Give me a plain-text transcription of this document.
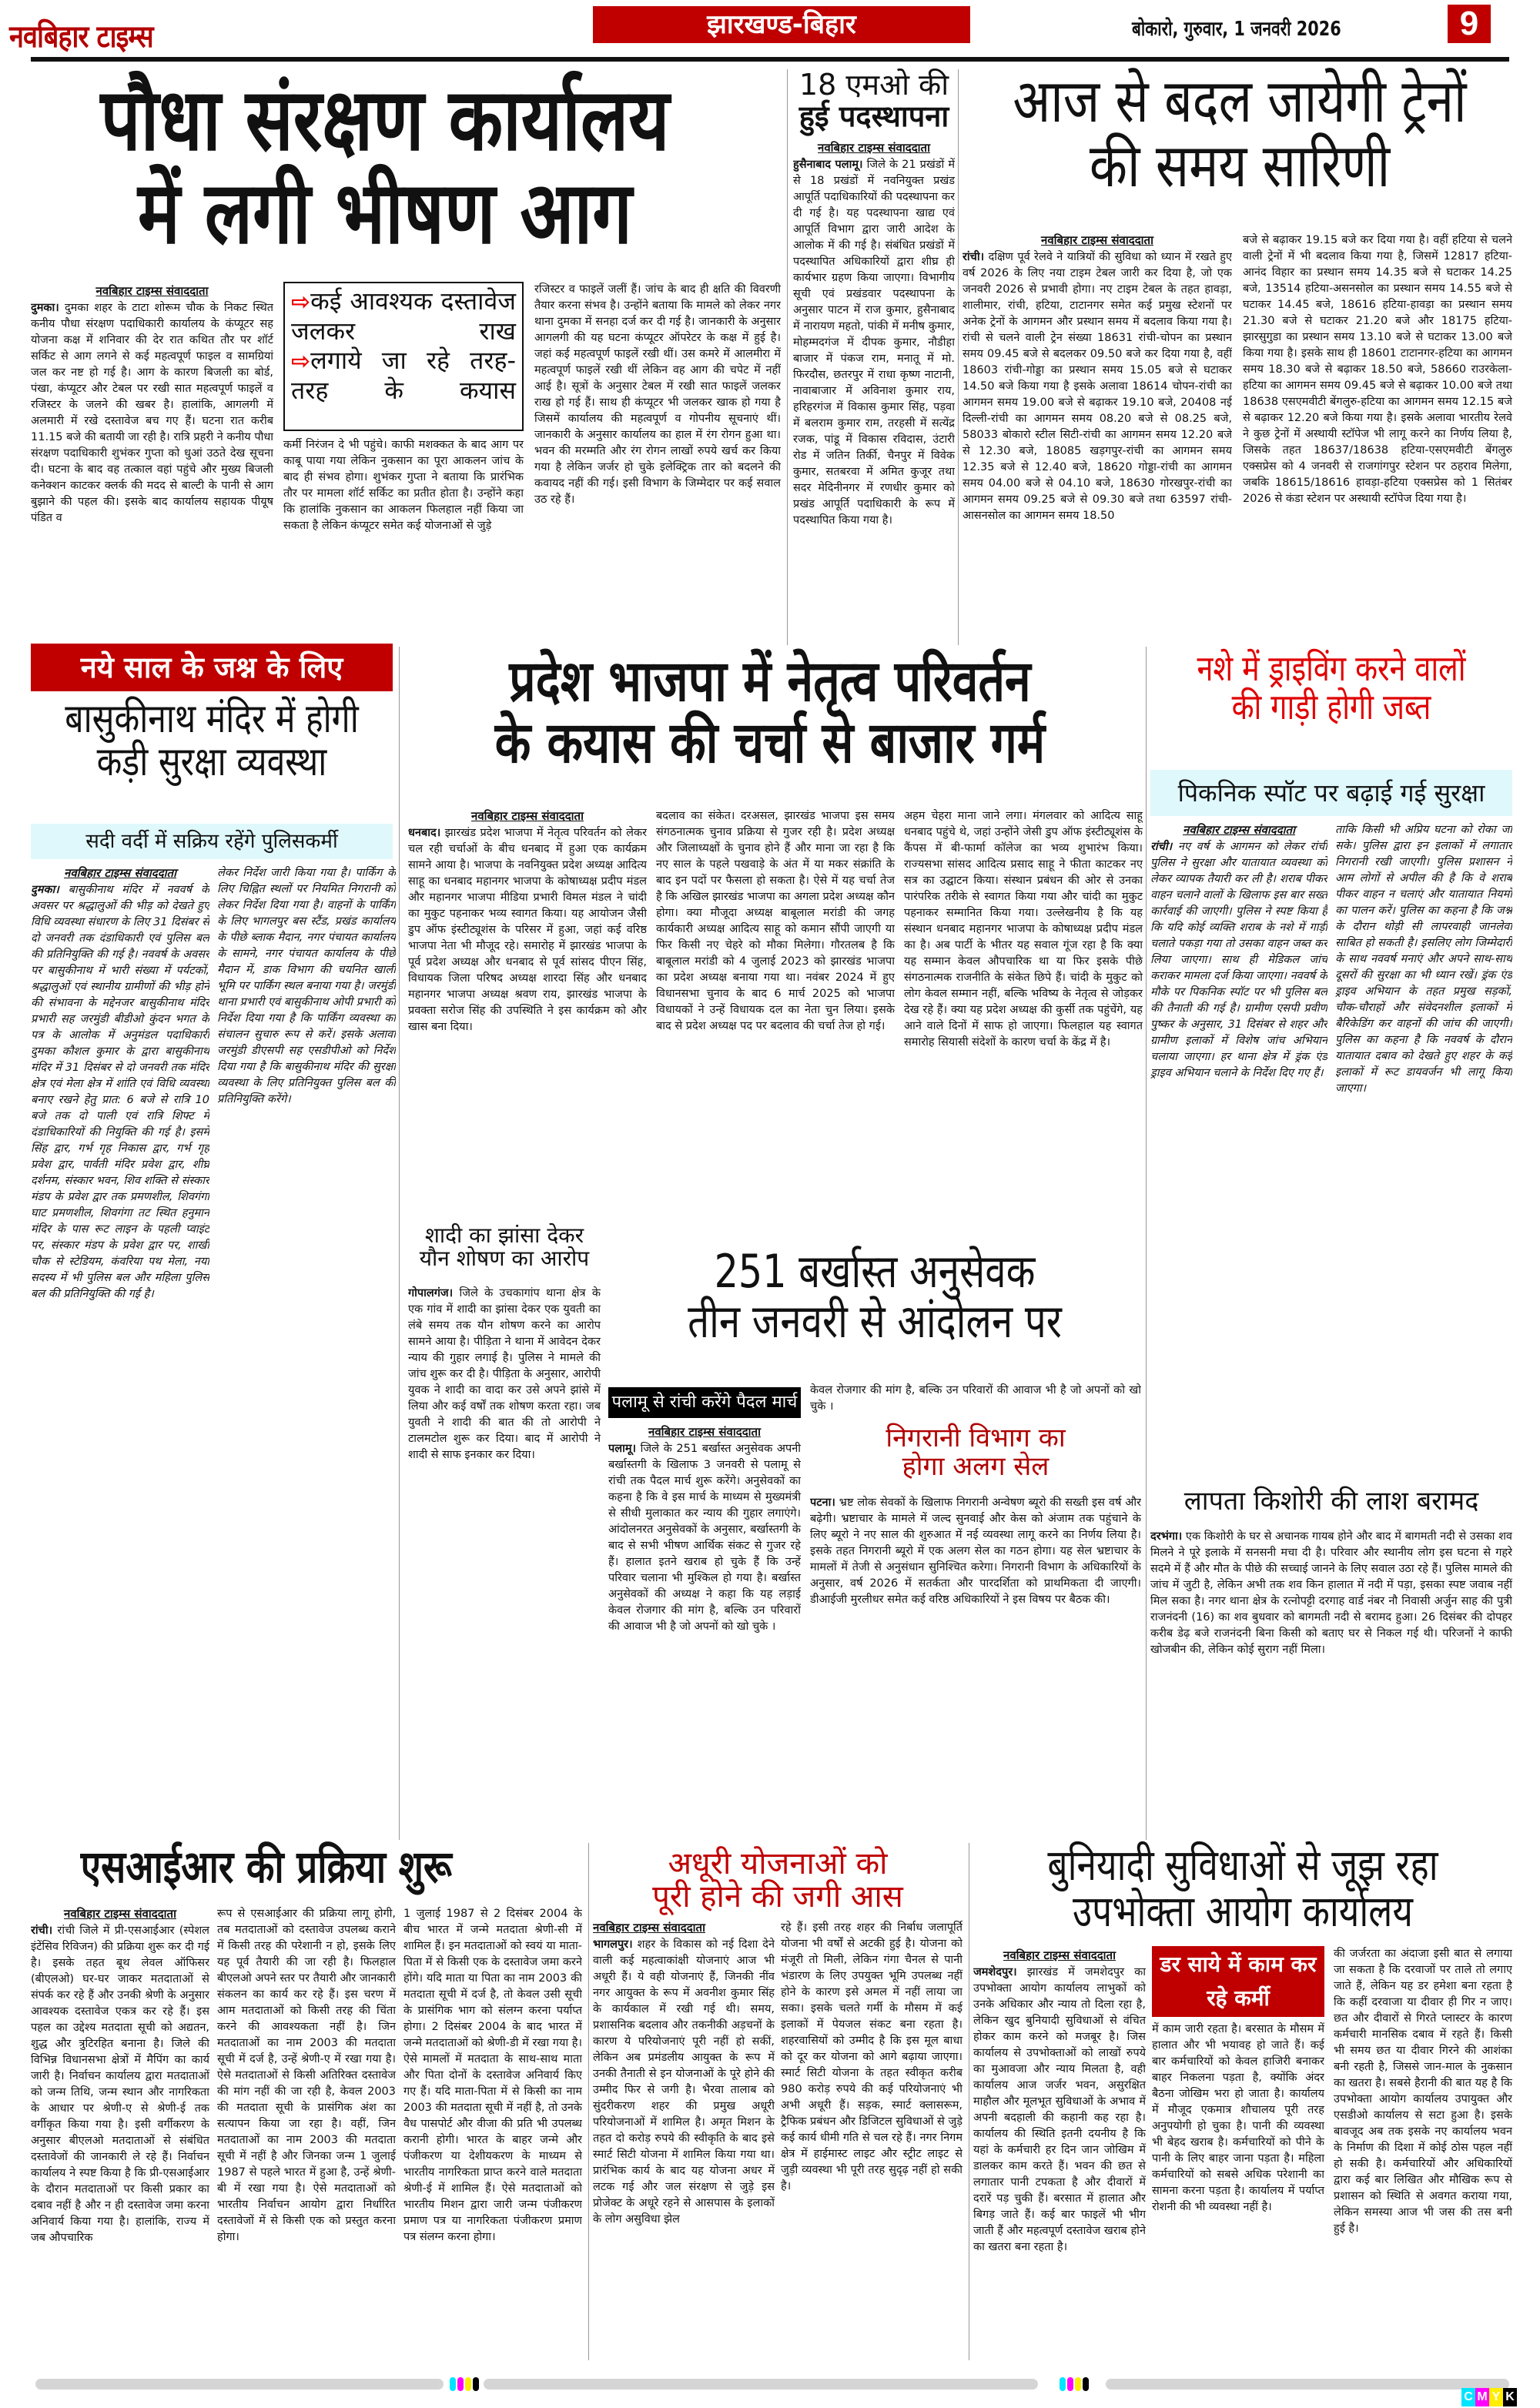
नवबिहार टाइम्स	झारखण्ड-बिहार	बोकारो, गुरुवार, 1 जनवरी 2026	9
पौधा संरक्षण कार्यालय
में लगी भीषण आग
नवबिहार टाइम्स संवाददाता
दुमका। दुमका शहर के टाटा शोरूम चौक के निकट स्थित कनीय पौधा संरक्षण पदाधिकारी कार्यालय के कंप्यूटर सह योजना कक्ष में शनिवार की देर रात कथित तौर पर शॉर्ट सर्किट से आग लगने से कई महत्वपूर्ण फाइल व सामग्रियां जल कर नष्ट हो गई है। आग के कारण बिजली का बोर्ड, पंखा, कंप्यूटर और टेबल पर रखी सात महत्वपूर्ण फाइलें व रजिस्टर के जलने की खबर है। हालांकि, आगलगी में अलमारी में रखे दस्तावेज बच गए हैं। घटना रात करीब 11.15 बजे की बतायी जा रही है। रात्रि प्रहरी ने कनीय पौधा संरक्षण पदाधिकारी शुभंकर गुप्ता को धुआं उठते देख सूचना दी। घटना के बाद वह तत्काल वहां पहुंचे और मुख्य बिजली कनेक्शन काटकर क्लर्क की मदद से बाल्टी के पानी से आग बुझाने की पहल की। इसके बाद कार्यालय सहायक पीयूष पंडित व
⇨कई आवश्यक दस्तावेज जलकर राख
⇨लगाये जा रहे तरह- तरह के कयास
कर्मी निरंजन दे भी पहुंचे। काफी मशक्कत के बाद आग पर काबू पाया गया लेकिन नुकसान का पूरा आकलन जांच के बाद ही संभव होगा। शुभंकर गुप्ता ने बताया कि प्रारंभिक तौर पर मामला शॉर्ट सर्किट का प्रतीत होता है। उन्होंने कहा कि हालांकि नुकसान का आकलन फिलहाल नहीं किया जा सकता है लेकिन कंप्यूटर समेत कई योजनाओं से जुड़े
रजिस्टर व फाइलें जलीं हैं। जांच के बाद ही क्षति की विवरणी तैयार करना संभव है। उन्होंने बताया कि मामले को लेकर नगर थाना दुमका में सनहा दर्ज कर दी गई है। जानकारी के अनुसार आगलगी की यह घटना कंप्यूटर ऑपरेटर के कक्ष में हुई है। जहां कई महत्वपूर्ण फाइलें रखी थीं। उस कमरे में आलमीरा में महत्वपूर्ण फाइलें रखी थीं लेकिन वह आग की चपेट में नहीं आई है। सूत्रों के अनुसार टेबल में रखी सात फाइलें जलकर राख हो गई हैं। साथ ही कंप्यूटर भी जलकर खाक हो गया है जिसमें कार्यालय की महत्वपूर्ण व गोपनीय सूचनाएं थीं। जानकारी के अनुसार कार्यालय का हाल में रंग रोगन हुआ था। भवन की मरम्मति और रंग रोगन लाखों रुपये खर्च कर किया गया है लेकिन जर्जर हो चुके इलेक्ट्रिक तार को बदलने की कवायद नहीं की गई। इसी विभाग के जिम्मेदार पर कई सवाल उठ रहे हैं।
18 एमओ की
हुई पदस्थापना
नवबिहार टाइम्स संवाददाता
हुसैनाबाद पलामू। जिले के 21 प्रखंडों में से 18 प्रखंडों में नवनियुक्त प्रखंड आपूर्ति पदाधिकारियों की पदस्थापना कर दी गई है। यह पदस्थापना खाद्य एवं आपूर्ति विभाग द्वारा जारी आदेश के आलोक में की गई है। संबंधित प्रखंडों में पदस्थापित अधिकारियों द्वारा शीघ्र ही कार्यभार ग्रहण किया जाएगा। विभागीय सूची एवं प्रखंडवार पदस्थापना के अनुसार पाटन में राज कुमार, हुसैनाबाद में नारायण महतो, पांकी में मनीष कुमार, मोहम्मदगंज में दीपक कुमार, नौडीहा बाजार में पंकज राम, मनातू में मो. फिरदौस, छतरपुर में राधा कृष्ण नाटानी, नावाबाजार में अविनाश कुमार राय, हरिहरगंज में विकास कुमार सिंह, पड़वा में बलराम कुमार राम, तरहसी में सत्येंद्र रजक, पांडू में विकास रविदास, उंटारी रोड में जतिन तिर्की, चैनपुर में विवेक कुमार, सतबरवा में अमित कुजूर तथा सदर मेदिनीनगर में रणधीर कुमार को प्रखंड आपूर्ति पदाधिकारी के रूप में पदस्थापित किया गया है।
आज से बदल जायेगी ट्रेनों
की समय सारिणी
नवबिहार टाइम्स संवाददाता
रांची। दक्षिण पूर्व रेलवे ने यात्रियों की सुविधा को ध्यान में रखते हुए वर्ष 2026 के लिए नया टाइम टेबल जारी कर दिया है, जो एक जनवरी 2026 से प्रभावी होगा। नए टाइम टेबल के तहत हावड़ा, शालीमार, रांची, हटिया, टाटानगर समेत कई प्रमुख स्टेशनों पर अनेक ट्रेनों के आगमन और प्रस्थान समय में बदलाव किया गया है। रांची से चलने वाली ट्रेन संख्या 18631 रांची-चोपन का प्रस्थान समय 09.45 बजे से बदलकर 09.50 बजे कर दिया गया है, वहीं 18603 रांची-गोड्डा का प्रस्थान समय 15.05 बजे से घटाकर 14.50 बजे किया गया है इसके अलावा 18614 चोपन-रांची का आगमन समय 19.00 बजे से बढ़ाकर 19.10 बजे, 20408 नई दिल्ली-रांची का आगमन समय 08.20 बजे से 08.25 बजे, 58033 बोकारो स्टील सिटी-रांची का आगमन समय 12.20 बजे से 12.30 बजे, 18085 खड़गपुर-रांची का आगमन समय 12.35 बजे से 12.40 बजे, 18620 गोड्डा-रांची का आगमन समय 04.00 बजे से 04.10 बजे, 18630 गोरखपुर-रांची का आगमन समय 09.25 बजे से 09.30 बजे तथा 63597 रांची-आसनसोल का आगमन समय 18.50
बजे से बढ़ाकर 19.15 बजे कर दिया गया है। वहीं हटिया से चलने वाली ट्रेनों में भी बदलाव किया गया है, जिसमें 12817 हटिया-आनंद विहार का प्रस्थान समय 14.35 बजे से घटाकर 14.25 बजे, 13514 हटिया-असनसोल का प्रस्थान समय 14.55 बजे से घटाकर 14.45 बजे, 18616 हटिया-हावड़ा का प्रस्थान समय 21.30 बजे से घटाकर 21.20 बजे और 18175 हटिया-झारसुगुडा का प्रस्थान समय 13.10 बजे से घटाकर 13.00 बजे किया गया है। इसके साथ ही 18601 टाटानगर-हटिया का आगमन समय 18.30 बजे से बढ़ाकर 18.50 बजे, 58660 राउरकेला-हटिया का आगमन समय 09.45 बजे से बढ़ाकर 10.00 बजे तथा 18638 एसएमवीटी बेंगलुरु-हटिया का आगमन समय 12.15 बजे से बढ़ाकर 12.20 बजे किया गया है। इसके अलावा भारतीय रेलवे ने कुछ ट्रेनों में अस्थायी स्टॉपेज भी लागू करने का निर्णय लिया है, जिसके तहत 18637/18638 हटिया-एसएमवीटी बेंगलुरु एक्सप्रेस को 4 जनवरी से राजगांगपुर स्टेशन पर ठहराव मिलेगा, जबकि 18615/18616 हावड़ा-हटिया एक्सप्रेस को 1 सितंबर 2026 से कंडा स्टेशन पर अस्थायी स्टॉपेज दिया गया है।
नये साल के जश्न के लिए
बासुकीनाथ मंदिर में होगी
कड़ी सुरक्षा व्यवस्था
सदी वर्दी में सक्रिय रहेंगे पुलिसकर्मी
नवबिहार टाइम्स संवाददाता
दुमका। बासुकीनाथ मंदिर में नववर्ष के अवसर पर श्रद्धालुओं की भीड़ को देखते हुए विधि व्यवस्था संधारण के लिए 31 दिसंबर से दो जनवरी तक दंडाधिकारी एवं पुलिस बल की प्रतिनियुक्ति की गई है। नववर्ष के अवसर पर बासुकीनाथ में भारी संख्या में पर्यटकों, श्रद्धालुओं एवं स्थानीय ग्रामीणों की भीड़ होने की संभावना के मद्देनजर बासुकीनाथ मंदिर प्रभारी सह जरमुंडी बीडीओ कुंदन भगत के पत्र के आलोक में अनुमंडल पदाधिकारी दुमका कौशल कुमार के द्वारा बासुकीनाथ मंदिर में 31 दिसंबर से दो जनवरी तक मंदिर क्षेत्र एवं मेला क्षेत्र में शांति एवं विधि व्यवस्था बनाए रखने हेतु प्रात: 6 बजे से रात्रि 10 बजे तक दो पाली एवं रात्रि शिफ्ट में दंडाधिकारियों की नियुक्ति की गई है। इसमें सिंह द्वार, गर्भ गृह निकास द्वार, गर्भ गृह प्रवेश द्वार, पार्वती मंदिर प्रवेश द्वार, शीघ्र दर्शनम, संस्कार भवन, शिव शक्ति से संस्कार मंडप के प्रवेश द्वार तक प्रमणशील, शिवगंगा घाट प्रमणशील, शिवगंगा तट स्थित हनुमान मंदिर के पास रूट लाइन के पहली प्वाइंट पर, संस्कार मंडप के प्रवेश द्वार पर, शाखी चौक से स्टेडियम, कंवरिया पथ मेला, नया सदस्य में भी पुलिस बल और महिला पुलिस बल की प्रतिनियुक्ति की गई है।
लेकर निर्देश जारी किया गया है। पार्किंग के लिए चिह्नित स्थलों पर नियमित निगरानी को लेकर निर्देश दिया गया है। वाहनों के पार्किंग के लिए भागलपुर बस स्टैंड, प्रखंड कार्यालय के पीछे ब्लाक मैदान, नगर पंचायत कार्यालय के सामने, नगर पंचायत कार्यालय के पीछे मैदान में, डाक विभाग की चयनित खाली भूमि पर पार्किंग स्थल बनाया गया है। जरमुंडी थाना प्रभारी एवं बासुकीनाथ ओपी प्रभारी को निर्देश दिया गया है कि पार्किंग व्यवस्था का संचालन सुचारु रूप से करें। इसके अलावा जरमुंडी डीएसपी सह एसडीपीओ को निर्देश दिया गया है कि बासुकीनाथ मंदिर की सुरक्षा व्यवस्था के लिए प्रतिनियुक्त पुलिस बल की प्रतिनियुक्ति करेंगे।
प्रदेश भाजपा में नेतृत्व परिवर्तन
के कयास की चर्चा से बाजार गर्म
नवबिहार टाइम्स संवाददाता
धनबाद। झारखंड प्रदेश भाजपा में नेतृत्व परिवर्तन को लेकर चल रही चर्चाओं के बीच धनबाद में हुआ एक कार्यक्रम सामने आया है। भाजपा के नवनियुक्त प्रदेश अध्यक्ष आदित्य साहू का धनबाद महानगर भाजपा के कोषाध्यक्ष प्रदीप मंडल और महानगर भाजपा मीडिया प्रभारी विमल मंडल ने चांदी का मुकुट पहनाकर भव्य स्वागत किया। यह आयोजन जैसी डुप ऑफ इंस्टीट्यूशंस के परिसर में हुआ, जहां कई वरिष्ठ भाजपा नेता भी मौजूद रहे। समारोह में झारखंड भाजपा के पूर्व प्रदेश अध्यक्ष और धनबाद से पूर्व सांसद पीएन सिंह, विधायक जिला परिषद अध्यक्ष शारदा सिंह और धनबाद महानगर भाजपा अध्यक्ष श्रवण राय, झारखंड भाजपा के प्रवक्ता सरोज सिंह की उपस्थिति ने इस कार्यक्रम को और खास बना दिया।
बदलाव का संकेत। दरअसल, झारखंड भाजपा इस समय संगठनात्मक चुनाव प्रक्रिया से गुजर रही है। प्रदेश अध्यक्ष और जिलाध्यक्षों के चुनाव होने हैं और माना जा रहा है कि नए साल के पहले पखवाड़े के अंत में या मकर संक्रांति के बाद इन पदों पर फैसला हो सकता है। ऐसे में यह चर्चा तेज है कि अखिल झारखंड भाजपा का अगला प्रदेश अध्यक्ष कौन होगा। क्या मौजूदा अध्यक्ष बाबूलाल मरांडी की जगह कार्यकारी अध्यक्ष आदित्य साहू को कमान सौंपी जाएगी या फिर किसी नए चेहरे को मौका मिलेगा। गौरतलब है कि बाबूलाल मरांडी को 4 जुलाई 2023 को झारखंड भाजपा का प्रदेश अध्यक्ष बनाया गया था। नवंबर 2024 में हुए विधानसभा चुनाव के बाद 6 मार्च 2025 को भाजपा विधायकों ने उन्हें विधायक दल का नेता चुन लिया। इसके बाद से प्रदेश अध्यक्ष पद पर बदलाव की चर्चा तेज हो गई।
अहम चेहरा माना जाने लगा। मंगलवार को आदित्य साहू धनबाद पहुंचे थे, जहां उन्होंने जेसी डुप ऑफ इंस्टीट्यूशंस के कैंपस में बी-फार्मा कॉलेज का भव्य शुभारंभ किया। राज्यसभा सांसद आदित्य प्रसाद साहू ने फीता काटकर नए सत्र का उद्घाटन किया। संस्थान प्रबंधन की ओर से उनका पारंपरिक तरीके से स्वागत किया गया और चांदी का मुकुट पहनाकर सम्मानित किया गया। उल्लेखनीय है कि यह संस्थान धनबाद महानगर भाजपा के कोषाध्यक्ष प्रदीप मंडल का है। अब पार्टी के भीतर यह सवाल गूंज रहा है कि क्या यह सम्मान केवल औपचारिक था या फिर इसके पीछे संगठनात्मक राजनीति के संकेत छिपे हैं। चांदी के मुकुट को लोग केवल सम्मान नहीं, बल्कि भविष्य के नेतृत्व से जोड़कर देख रहे हैं। क्या यह प्रदेश अध्यक्ष की कुर्सी तक पहुंचेंगे, यह आने वाले दिनों में साफ हो जाएगा। फिलहाल यह स्वागत समारोह सियासी संदेशों के कारण चर्चा के केंद्र में है।
नशे में ड्राइविंग करने वालों
की गाड़ी होगी जब्त
पिकनिक स्पॉट पर बढ़ाई गई सुरक्षा
नवबिहार टाइम्स संवाददाता
रांची। नए वर्ष के आगमन को लेकर रांची पुलिस ने सुरक्षा और यातायात व्यवस्था को लेकर व्यापक तैयारी कर ली है। शराब पीकर वाहन चलाने वालों के खिलाफ इस बार सख्त कार्रवाई की जाएगी। पुलिस ने स्पष्ट किया है कि यदि कोई व्यक्ति शराब के नशे में गाड़ी चलाते पकड़ा गया तो उसका वाहन जब्त कर लिया जाएगा। साथ ही मेडिकल जांच कराकर मामला दर्ज किया जाएगा। नववर्ष के मौके पर पिकनिक स्पॉट पर भी पुलिस बल की तैनाती की गई है। ग्रामीण एसपी प्रवीण पुष्कर के अनुसार, 31 दिसंबर से शहर और ग्रामीण इलाकों में विशेष जांच अभियान चलाया जाएगा। हर थाना क्षेत्र में ड्रंक एंड ड्राइव अभियान चलाने के निर्देश दिए गए हैं।
ताकि किसी भी अप्रिय घटना को रोका जा सके। पुलिस द्वारा इन इलाकों में लगातार निगरानी रखी जाएगी। पुलिस प्रशासन ने आम लोगों से अपील की है कि वे शराब पीकर वाहन न चलाएं और यातायात नियमों का पालन करें। पुलिस का कहना है कि जश्न के दौरान थोड़ी सी लापरवाही जानलेवा साबित हो सकती है। इसलिए लोग जिम्मेदारी के साथ नववर्ष मनाएं और अपने साथ-साथ दूसरों की सुरक्षा का भी ध्यान रखें। ड्रंक एंड ड्राइव अभियान के तहत प्रमुख सड़कों, चौक-चौराहों और संवेदनशील इलाकों में बैरिकेडिंग कर वाहनों की जांच की जाएगी। पुलिस का कहना है कि नववर्ष के दौरान यातायात दबाव को देखते हुए शहर के कई इलाकों में रूट डायवर्जन भी लागू किया जाएगा।
शादी का झांसा देकर
यौन शोषण का आरोप
गोपालगंज। जिले के उचकागांप थाना क्षेत्र के एक गांव में शादी का झांसा देकर एक युवती का लंबे समय तक यौन शोषण करने का आरोप सामने आया है। पीड़िता ने थाना में आवेदन देकर न्याय की गुहार लगाई है। पुलिस ने मामले की जांच शुरू कर दी है। पीड़िता के अनुसार, आरोपी युवक ने शादी का वादा कर उसे अपने झांसे में लिया और कई वर्षों तक शोषण करता रहा। जब युवती ने शादी की बात की तो आरोपी ने टालमटोल शुरू कर दिया। बाद में आरोपी ने शादी से साफ इनकार कर दिया।
251 बर्खास्त अनुसेवक
तीन जनवरी से आंदोलन पर
पलामू से रांची करेंगे पैदल मार्च
नवबिहार टाइम्स संवाददाता
पलामू। जिले के 251 बर्खास्त अनुसेवक अपनी बर्खास्तगी के खिलाफ 3 जनवरी से पलामू से रांची तक पैदल मार्च शुरू करेंगे। अनुसेवकों का कहना है कि वे इस मार्च के माध्यम से मुख्यमंत्री से सीधी मुलाकात कर न्याय की गुहार लगाएंगे। आंदोलनरत अनुसेवकों के अनुसार, बर्खास्तगी के बाद से सभी भीषण आर्थिक संकट से गुजर रहे हैं। हालात इतने खराब हो चुके हैं कि उन्हें परिवार चलाना भी मुश्किल हो गया है। बर्खास्त अनुसेवकों की अध्यक्ष ने कहा कि यह लड़ाई केवल रोजगार की मांग है, बल्कि उन परिवारों की आवाज भी है जो अपनों को खो चुके ।
केवल रोजगार की मांग है, बल्कि उन परिवारों की आवाज भी है जो अपनों को खो चुके ।
निगरानी विभाग का
होगा अलग सेल
पटना। भ्रष्ट लोक सेवकों के खिलाफ निगरानी अन्वेषण ब्यूरो की सख्ती इस वर्ष और बढ़ेगी। भ्रष्टाचार के मामले में जल्द सुनवाई और केस को अंजाम तक पहुंचाने के लिए ब्यूरो ने नए साल की शुरुआत में नई व्यवस्था लागू करने का निर्णय लिया है। इसके तहत निगरानी ब्यूरो में एक अलग सेल का गठन होगा। यह सेल भ्रष्टाचार के मामलों में तेजी से अनुसंधान सुनिश्चित करेगा। निगरानी विभाग के अधिकारियों के अनुसार, वर्ष 2026 में सतर्कता और पारदर्शिता को प्राथमिकता दी जाएगी। डीआईजी मुरलीधर समेत कई वरिष्ठ अधिकारियों ने इस विषय पर बैठक की।
लापता किशोरी की लाश बरामद
दरभंगा। एक किशोरी के घर से अचानक गायब होने और बाद में बागमती नदी से उसका शव मिलने ने पूरे इलाके में सनसनी मचा दी है। परिवार और स्थानीय लोग इस घटना से गहरे सदमे में हैं और मौत के पीछे की सच्चाई जानने के लिए सवाल उठा रहे हैं। पुलिस मामले की जांच में जुटी है, लेकिन अभी तक शव किन हालात में नदी में पड़ा, इसका स्पष्ट जवाब नहीं मिल सका है। नगर थाना क्षेत्र के रत्नोपट्टी दरगाह वार्ड नंबर नौ निवासी अर्जुन साह की पुत्री राजनंदनी (16) का शव बुधवार को बागमती नदी से बरामद हुआ। 26 दिसंबर की दोपहर करीब डेढ़ बजे राजनंदनी बिना किसी को बताए घर से निकल गई थी। परिजनों ने काफी खोजबीन की, लेकिन कोई सुराग नहीं मिला।
एसआईआर की प्रक्रिया शुरू
नवबिहार टाइम्स संवाददाता
रांची। रांची जिले में प्री-एसआईआर (स्पेशल इंटेंसिव रिविजन) की प्रक्रिया शुरू कर दी गई है। इसके तहत बूथ लेवल ऑफिसर (बीएलओ) घर-घर जाकर मतदाताओं से संपर्क कर रहे हैं और उनकी श्रेणी के अनुसार आवश्यक दस्तावेज एकत्र कर रहे हैं। इस पहल का उद्देश्य मतदाता सूची को अद्यतन, शुद्ध और त्रुटिरहित बनाना है। जिले की विभिन्न विधानसभा क्षेत्रों में मैपिंग का कार्य जारी है। निर्वाचन कार्यालय द्वारा मतदाताओं को जन्म तिथि, जन्म स्थान और नागरिकता के आधार पर श्रेणी-ए से श्रेणी-ई तक वर्गीकृत किया गया है। इसी वर्गीकरण के अनुसार बीएलओ मतदाताओं से संबंधित दस्तावेजों की जानकारी ले रहे हैं। निर्वाचन कार्यालय ने स्पष्ट किया है कि प्री-एसआईआर के दौरान मतदाताओं पर किसी प्रकार का दबाव नहीं है और न ही दस्तावेज जमा करना अनिवार्य किया गया है। हालांकि, राज्य में जब औपचारिक
रूप से एसआईआर की प्रक्रिया लागू होगी, तब मतदाताओं को दस्तावेज उपलब्ध कराने में किसी तरह की परेशानी न हो, इसके लिए यह पूर्व तैयारी की जा रही है। फिलहाल बीएलओ अपने स्तर पर तैयारी और जानकारी संकलन का कार्य कर रहे हैं। इस चरण में आम मतदाताओं को किसी तरह की चिंता करने की आवश्यकता नहीं है। जिन मतदाताओं का नाम 2003 की मतदाता सूची में दर्ज है, उन्हें श्रेणी-ए में रखा गया है। ऐसे मतदाताओं से किसी अतिरिक्त दस्तावेज की मांग नहीं की जा रही है, केवल 2003 की मतदाता सूची के प्रासंगिक अंश का सत्यापन किया जा रहा है। वहीं, जिन मतदाताओं का नाम 2003 की मतदाता सूची में नहीं है और जिनका जन्म 1 जुलाई 1987 से पहले भारत में हुआ है, उन्हें श्रेणी-बी में रखा गया है। ऐसे मतदाताओं को भारतीय निर्वाचन आयोग द्वारा निर्धारित दस्तावेजों में से किसी एक को प्रस्तुत करना होगा।
1 जुलाई 1987 से 2 दिसंबर 2004 के बीच भारत में जन्मे मतदाता श्रेणी-सी में शामिल हैं। इन मतदाताओं को स्वयं या माता-पिता में से किसी एक के दस्तावेज जमा करने होंगे। यदि माता या पिता का नाम 2003 की मतदाता सूची में दर्ज है, तो केवल उसी सूची के प्रासंगिक भाग को संलग्न करना पर्याप्त होगा। 2 दिसंबर 2004 के बाद भारत में जन्मे मतदाताओं को श्रेणी-डी में रखा गया है। ऐसे मामलों में मतदाता के साथ-साथ माता और पिता दोनों के दस्तावेज अनिवार्य किए गए हैं। यदि माता-पिता में से किसी का नाम 2003 की मतदाता सूची में नहीं है, तो उनके वैध पासपोर्ट और वीजा की प्रति भी उपलब्ध करानी होगी। भारत के बाहर जन्मे और पंजीकरण या देशीयकरण के माध्यम से भारतीय नागरिकता प्राप्त करने वाले मतदाता श्रेणी-ई में शामिल हैं। ऐसे मतदाताओं को भारतीय मिशन द्वारा जारी जन्म पंजीकरण प्रमाण पत्र या नागरिकता पंजीकरण प्रमाण पत्र संलग्न करना होगा।
अधूरी योजनाओं को
पूरी होने की जगी आस
नवबिहार टाइम्स संवाददाता
भागलपुर। शहर के विकास को नई दिशा देने वाली कई महत्वाकांक्षी योजनाएं आज भी अधूरी हैं। ये वही योजनाएं हैं, जिनकी नींव नगर आयुक्त के रूप में अवनीश कुमार सिंह के कार्यकाल में रखी गई थी। समय, प्रशासनिक बदलाव और तकनीकी अड़चनों के कारण ये परियोजनाएं पूरी नहीं हो सकीं, लेकिन अब प्रमंडलीय आयुक्त के रूप में उनकी तैनाती से इन योजनाओं के पूरे होने की उम्मीद फिर से जगी है। भैरवा तालाब को सुंदरीकरण शहर की प्रमुख अधूरी परियोजनाओं में शामिल है। अमृत मिशन के तहत दो करोड़ रुपये की स्वीकृति के बाद इसे स्मार्ट सिटी योजना में शामिल किया गया था। प्रारंभिक कार्य के बाद यह योजना अधर में लटक गई और जल संरक्षण से जुड़े इस प्रोजेक्ट के अधूरे रहने से आसपास के इलाकों के लोग असुविधा झेल
रहे हैं। इसी तरह शहर की निर्बाध जलापूर्ति योजना भी वर्षों से अटकी हुई है। योजना को मंजूरी तो मिली, लेकिन गंगा चैनल से पानी भंडारण के लिए उपयुक्त भूमि उपलब्ध नहीं होने के कारण इसे अमल में नहीं लाया जा सका। इसके चलते गर्मी के मौसम में कई इलाकों में पेयजल संकट बना रहता है। शहरवासियों को उम्मीद है कि इस मूल बाधा को दूर कर योजना को आगे बढ़ाया जाएगा। स्मार्ट सिटी योजना के तहत स्वीकृत करीब 980 करोड़ रुपये की कई परियोजनाएं भी अभी अधूरी हैं। सड़क, स्मार्ट क्लासरूम, ट्रैफिक प्रबंधन और डिजिटल सुविधाओं से जुड़े कई कार्य धीमी गति से चल रहे हैं। नगर निगम क्षेत्र में हाईमास्ट लाइट और स्ट्रीट लाइट से जुड़ी व्यवस्था भी पूरी तरह सुदृढ़ नहीं हो सकी है।
बुनियादी सुविधाओं से जूझ रहा
उपभोक्ता आयोग कार्यालय
नवबिहार टाइम्स संवाददाता
जमशेदपुर। झारखंड में जमशेदपुर का उपभोक्ता आयोग कार्यालय लाभुकों को उनके अधिकार और न्याय तो दिला रहा है, लेकिन खुद बुनियादी सुविधाओं से वंचित होकर काम करने को मजबूर है। जिस कार्यालय से उपभोक्ताओं को लाखों रुपये का मुआवजा और न्याय मिलता है, वही कार्यालय आज जर्जर भवन, असुरक्षित माहौल और मूलभूत सुविधाओं के अभाव में अपनी बदहाली की कहानी कह रहा है। कार्यालय की स्थिति इतनी दयनीय है कि यहां के कर्मचारी हर दिन जान जोखिम में डालकर काम करते हैं। भवन की छत से लगातार पानी टपकता है और दीवारों में दरारें पड़ चुकी हैं। बरसात में हालात और बिगड़ जाते हैं। कई बार फाइलें भी भीग जाती हैं और महत्वपूर्ण दस्तावेज खराब होने का खतरा बना रहता है।
डर साये में काम कर रहे कर्मी
में काम जारी रहता है। बरसात के मौसम में हालात और भी भयावह हो जाते हैं। कई बार कर्मचारियों को केवल हाजिरी बनाकर बाहर निकलना पड़ता है, क्योंकि अंदर बैठना जोखिम भरा हो जाता है। कार्यालय में मौजूद एकमात्र शौचालय पूरी तरह अनुपयोगी हो चुका है। पानी की व्यवस्था भी बेहद खराब है। कर्मचारियों को पीने के पानी के लिए बाहर जाना पड़ता है। महिला कर्मचारियों को सबसे अधिक परेशानी का सामना करना पड़ता है। कार्यालय में पर्याप्त रोशनी की भी व्यवस्था नहीं है।
की जर्जरता का अंदाजा इसी बात से लगाया जा सकता है कि दरवाजों पर ताले तो लगाए जाते हैं, लेकिन यह डर हमेशा बना रहता है कि कहीं दरवाजा या दीवार ही गिर न जाए। छत और दीवारों से गिरते प्लास्टर के कारण कर्मचारी मानसिक दबाव में रहते हैं। किसी भी समय छत या दीवार गिरने की आशंका बनी रहती है, जिससे जान-माल के नुकसान का खतरा है। सबसे हैरानी की बात यह है कि उपभोक्ता आयोग कार्यालय उपायुक्त और एसडीओ कार्यालय से सटा हुआ है। इसके बावजूद अब तक इसके नए कार्यालय भवन के निर्माण की दिशा में कोई ठोस पहल नहीं हो सकी है। कर्मचारियों और अधिकारियों द्वारा कई बार लिखित और मौखिक रूप से प्रशासन को स्थिति से अवगत कराया गया, लेकिन समस्या आज भी जस की तस बनी हुई है।
C M Y K
